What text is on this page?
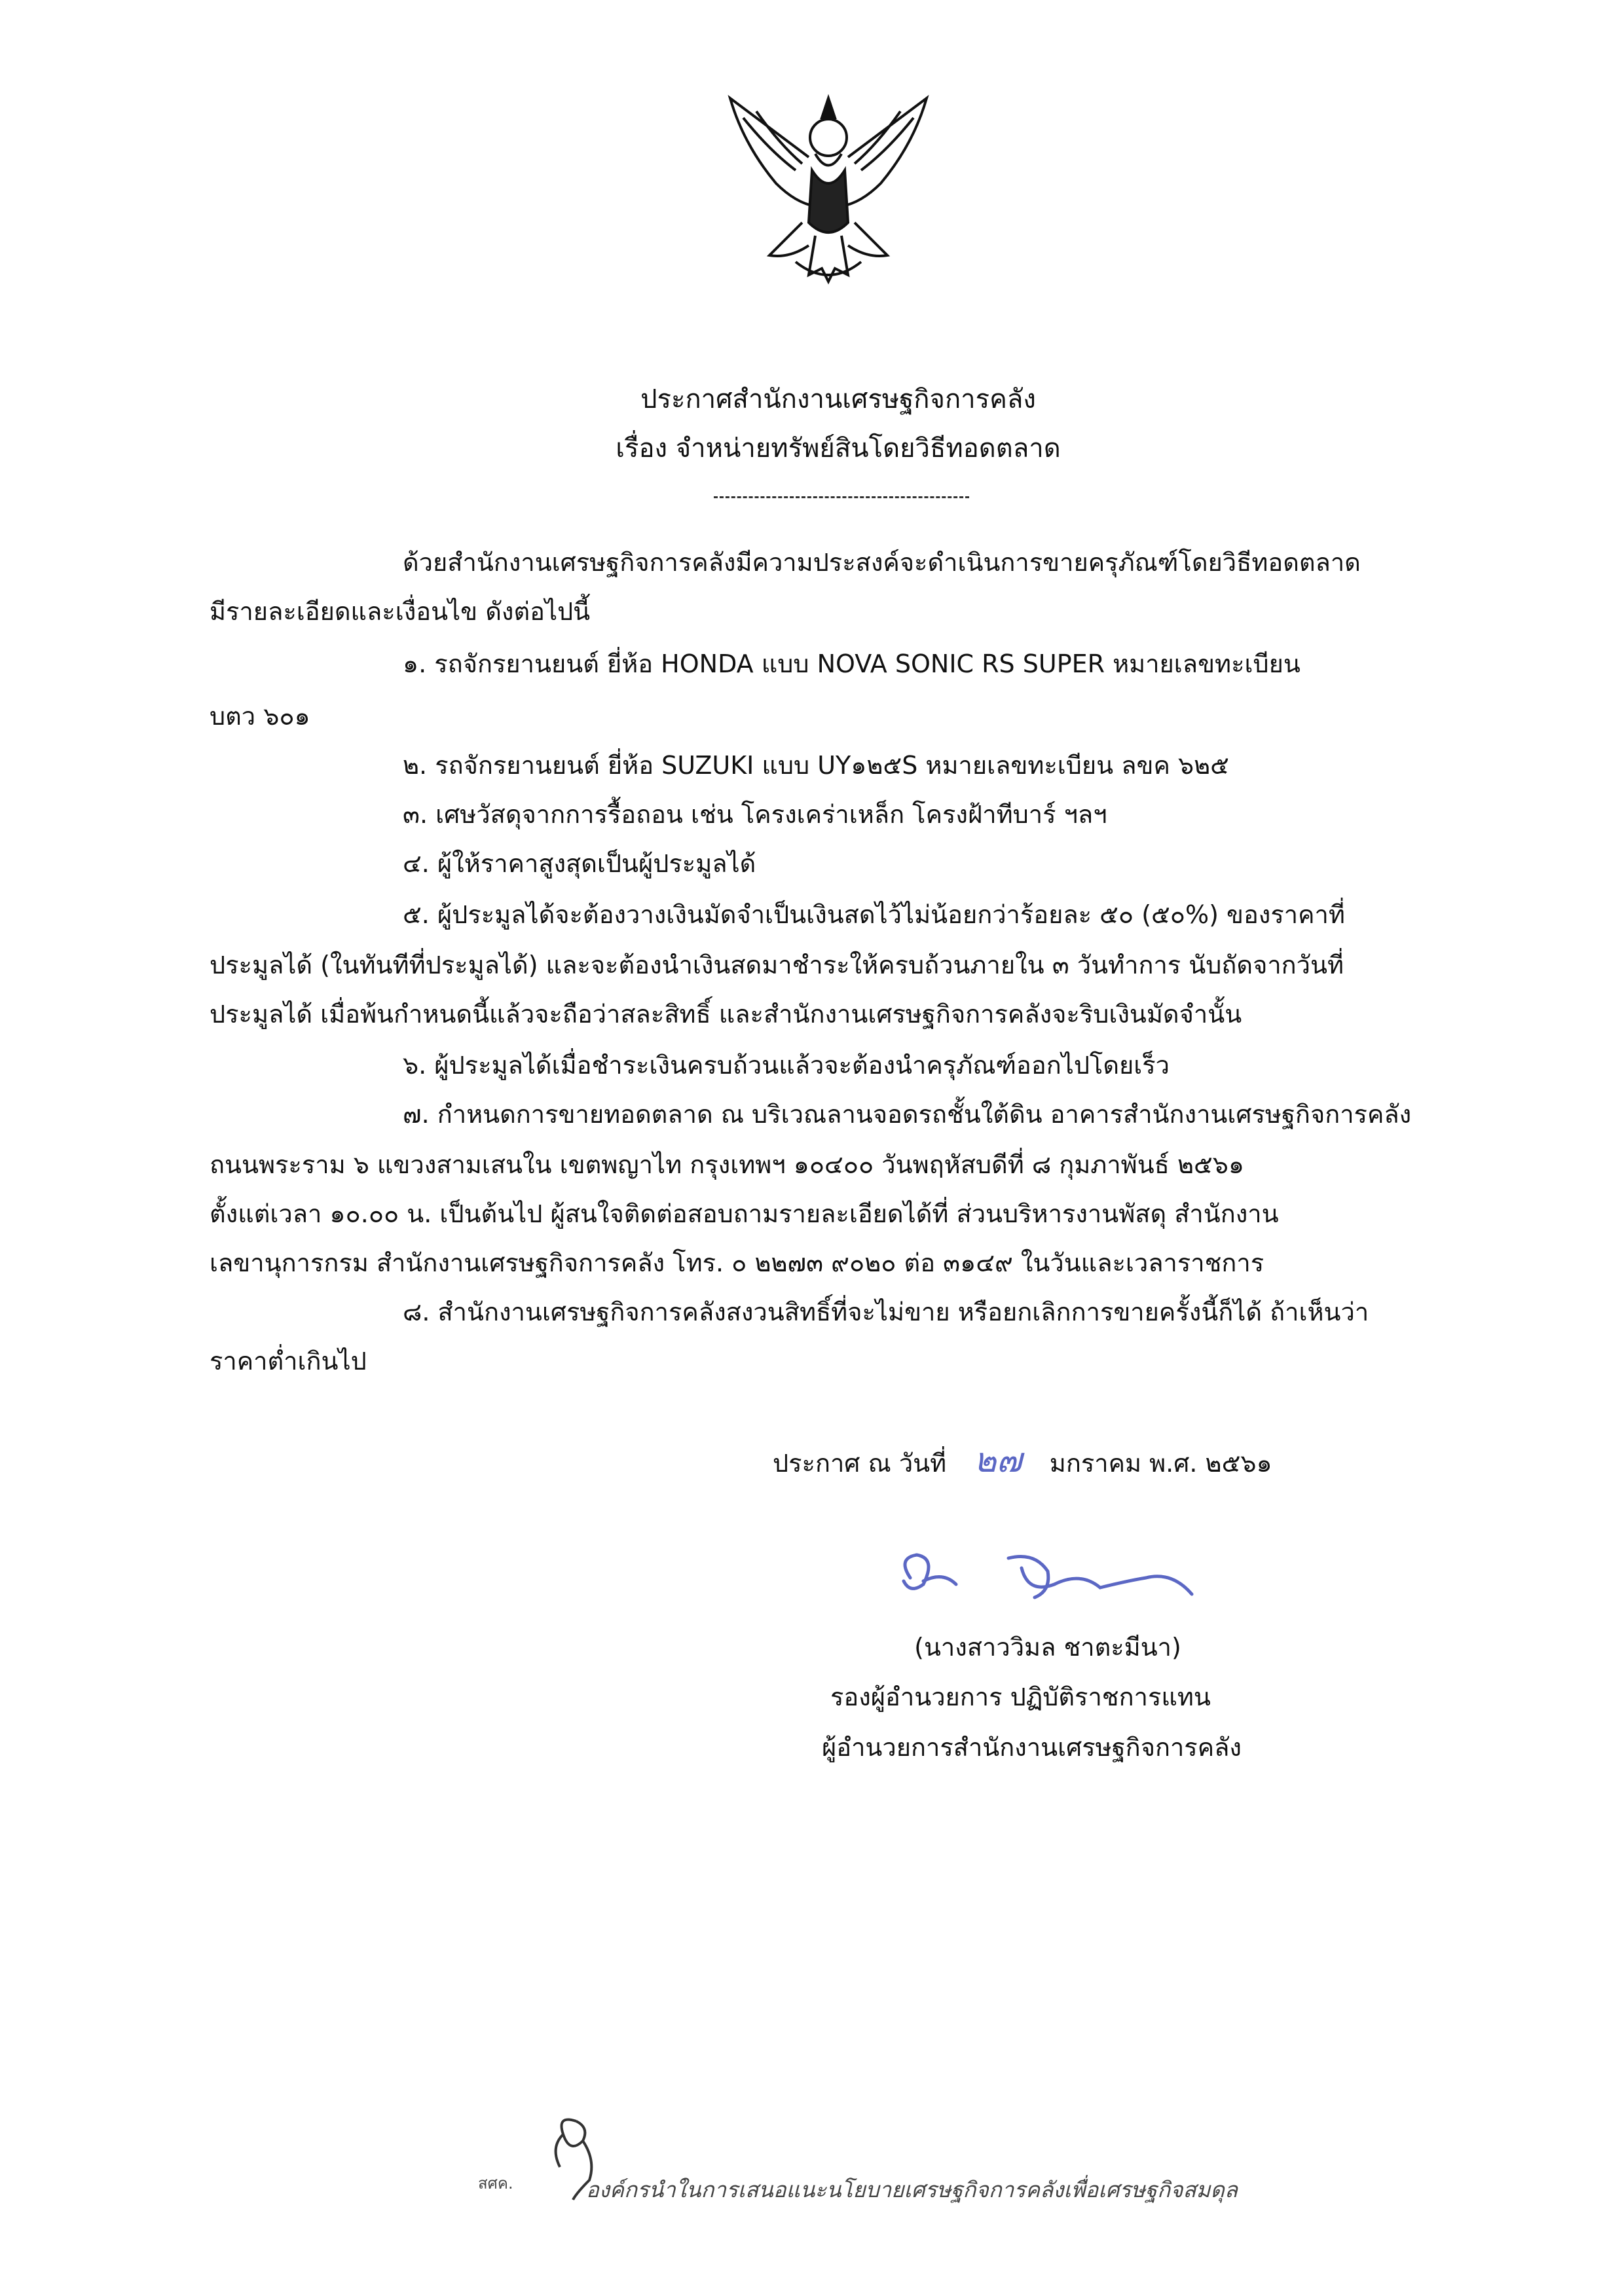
ประกาศสำนักงานเศรษฐกิจการคลัง
เรื่อง จำหน่ายทรัพย์สินโดยวิธีทอดตลาด
ด้วยสำนักงานเศรษฐกิจการคลังมีความประสงค์จะดำเนินการขายครุภัณฑ์โดยวิธีทอดตลาด
มีรายละเอียดและเงื่อนไข ดังต่อไปนี้
๑. รถจักรยานยนต์ ยี่ห้อ HONDA แบบ NOVA SONIC RS SUPER หมายเลขทะเบียน
บตว ๖๐๑
๒. รถจักรยานยนต์ ยี่ห้อ SUZUKI แบบ UY๑๒๕S หมายเลขทะเบียน ลขค ๖๒๕
๓. เศษวัสดุจากการรื้อถอน เช่น โครงเคร่าเหล็ก โครงฝ้าทีบาร์ ฯลฯ
๔. ผู้ให้ราคาสูงสุดเป็นผู้ประมูลได้
๕. ผู้ประมูลได้จะต้องวางเงินมัดจำเป็นเงินสดไว้ไม่น้อยกว่าร้อยละ ๕๐ (๕๐%) ของราคาที่
ประมูลได้ (ในทันทีที่ประมูลได้) และจะต้องนำเงินสดมาชำระให้ครบถ้วนภายใน ๓ วันทำการ นับถัดจากวันที่
ประมูลได้ เมื่อพ้นกำหนดนี้แล้วจะถือว่าสละสิทธิ์ และสำนักงานเศรษฐกิจการคลังจะริบเงินมัดจำนั้น
๖. ผู้ประมูลได้เมื่อชำระเงินครบถ้วนแล้วจะต้องนำครุภัณฑ์ออกไปโดยเร็ว
๗. กำหนดการขายทอดตลาด ณ บริเวณลานจอดรถชั้นใต้ดิน อาคารสำนักงานเศรษฐกิจการคลัง
ถนนพระราม ๖ แขวงสามเสนใน เขตพญาไท กรุงเทพฯ ๑๐๔๐๐ วันพฤหัสบดีที่ ๘ กุมภาพันธ์ ๒๕๖๑
ตั้งแต่เวลา ๑๐.๐๐ น. เป็นต้นไป ผู้สนใจติดต่อสอบถามรายละเอียดได้ที่ ส่วนบริหารงานพัสดุ สำนักงาน
เลขานุการกรม สำนักงานเศรษฐกิจการคลัง โทร. ๐ ๒๒๗๓ ๙๐๒๐ ต่อ ๓๑๔๙ ในวันและเวลาราชการ
๘. สำนักงานเศรษฐกิจการคลังสงวนสิทธิ์ที่จะไม่ขาย หรือยกเลิกการขายครั้งนี้ก็ได้ ถ้าเห็นว่า
ราคาต่ำเกินไป
ประกาศ ณ วันที่ ๒๗ มกราคม พ.ศ. ๒๕๖๑
(นางสาววิมล ชาตะมีนา)
รองผู้อำนวยการ ปฏิบัติราชการแทน
ผู้อำนวยการสำนักงานเศรษฐกิจการคลัง
สศค.	องค์กรนำในการเสนอแนะนโยบายเศรษฐกิจการคลังเพื่อเศรษฐกิจสมดุล
